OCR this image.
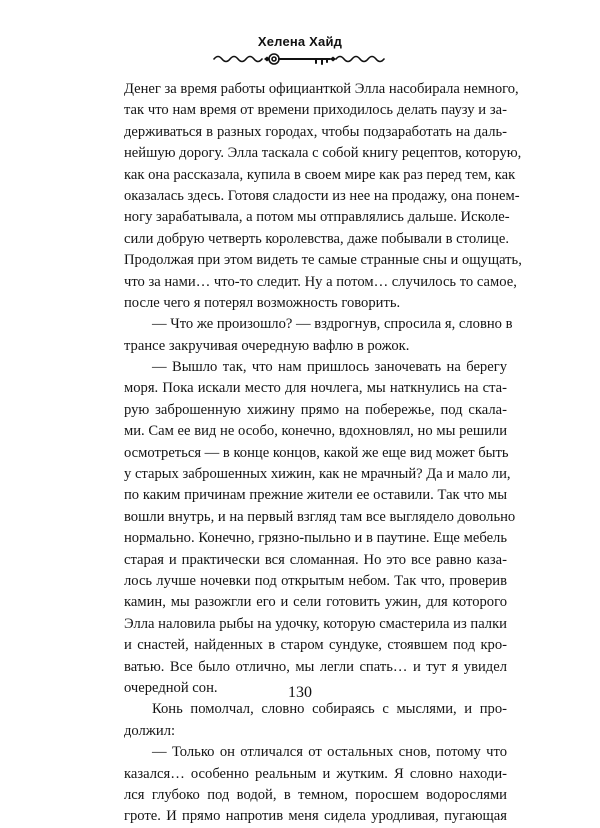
Хелена Хайд
Денег за время работы официанткой Элла насобирала немного,
так что нам время от времени приходилось делать паузу и за-
держиваться в разных городах, чтобы подзаработать на даль-
нейшую дорогу. Элла таскала с собой книгу рецептов, которую,
как она рассказала, купила в своем мире как раз перед тем, как
оказалась здесь. Готовя сладости из нее на продажу, она понем-
ногу зарабатывала, а потом мы отправлялись дальше. Исколе-
сили добрую четверть королевства, даже побывали в столице.
Продолжая при этом видеть те самые странные сны и ощущать,
что за нами… что-то следит. Ну а потом… случилось то самое,
после чего я потерял возможность говорить.
— Что же произошло? — вздрогнув, спросила я, словно в
трансе закручивая очередную вафлю в рожок.
— Вышло так, что нам пришлось заночевать на берегу
моря. Пока искали место для ночлега, мы наткнулись на ста-
рую заброшенную хижину прямо на побережье, под скала-
ми. Сам ее вид не особо, конечно, вдохновлял, но мы решили
осмотреться — в конце концов, какой же еще вид может быть
у старых заброшенных хижин, как не мрачный? Да и мало ли,
по каким причинам прежние жители ее оставили. Так что мы
вошли внутрь, и на первый взгляд там все выглядело довольно
нормально. Конечно, грязно-пыльно и в паутине. Еще мебель
старая и практически вся сломанная. Но это все равно каза-
лось лучше ночевки под открытым небом. Так что, проверив
камин, мы разожгли его и сели готовить ужин, для которого
Элла наловила рыбы на удочку, которую смастерила из палки
и снастей, найденных в старом сундуке, стоявшем под кро-
ватью. Все было отлично, мы легли спать… и тут я увидел
очередной сон.
Конь помолчал, словно собираясь с мыслями, и про-
должил:
— Только он отличался от остальных снов, потому что
казался… особенно реальным и жутким. Я словно находи-
лся глубоко под водой, в темном, поросшем водорослями
гроте. И прямо напротив меня сидела уродливая, пугающая
130
